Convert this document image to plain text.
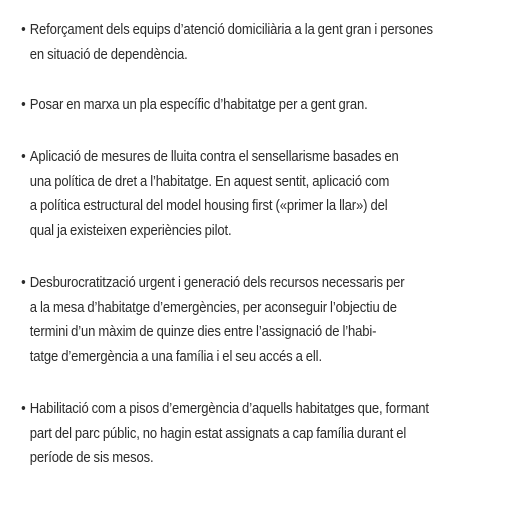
• Reforçament dels equips d’atenció domiciliària a la gent gran i persones
en situació de dependència.
• Posar en marxa un pla específic d’habitatge per a gent gran.
• Aplicació de mesures de lluita contra el sensellarisme basades en
una política de dret a l’habitatge. En aquest sentit, aplicació com
a política estructural del model housing first («primer la llar») del
qual ja existeixen experiències pilot.
• Desburocratització urgent i generació dels recursos necessaris per
a la mesa d’habitatge d’emergències, per aconseguir l’objectiu de
termini d’un màxim de quinze dies entre l’assignació de l’habi-
tatge d’emergència a una família i el seu accés a ell.
• Habilitació com a pisos d’emergència d’aquells habitatges que, formant
part del parc públic, no hagin estat assignats a cap família durant el
període de sis mesos.
